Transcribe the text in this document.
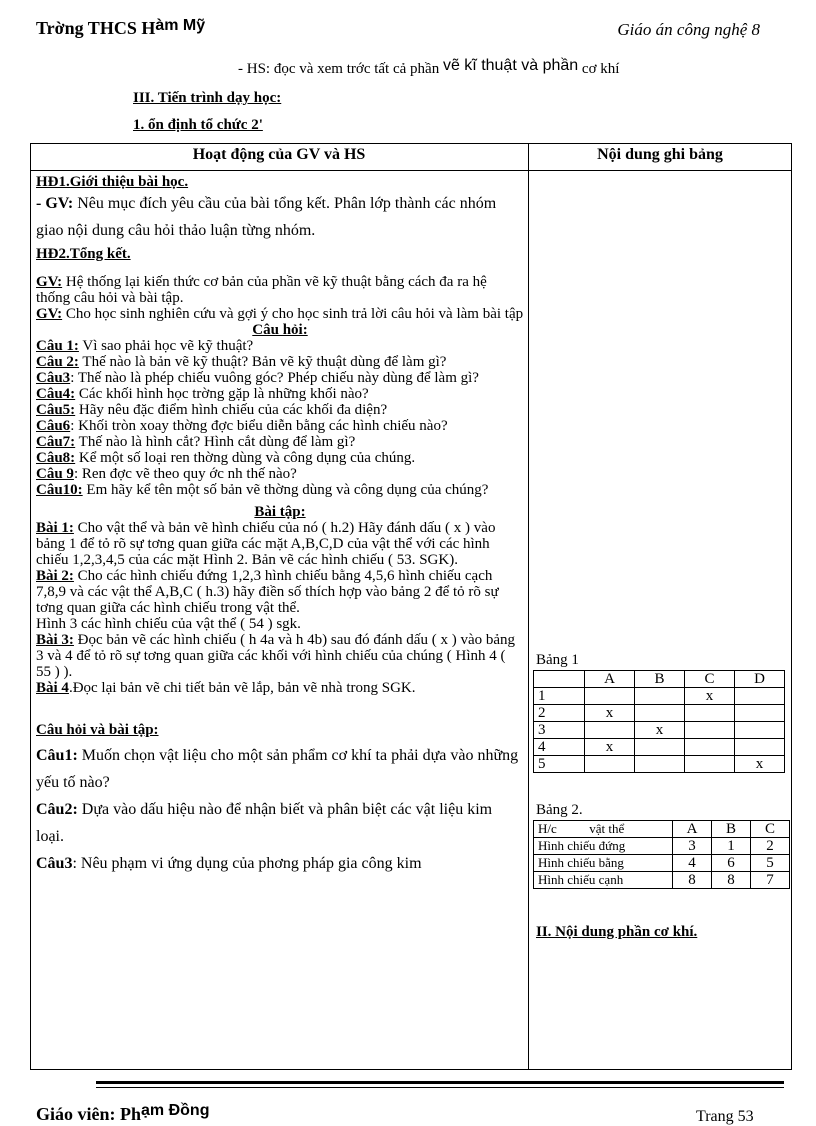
Trờng THCS Hàm Mỹ	Giáo án công nghệ 8
- HS: đọc và xem trớc tất cả phần vẽ kĩ thuật và phần cơ khí
III. Tiến trình dạy học:
1. ổn định tổ chức 2'
Hoạt động của GV và HS	Nội dung ghi bảng

HĐ1.Giới thiệu bài học.

- GV: Nêu mục đích yêu cầu của bài tổng kết. Phân lớp thành các nhóm giao nội dung câu hỏi thảo luận từng nhóm.

HĐ2.Tổng kết.

GV: Hệ thống lại kiến thức cơ bản của phần vẽ kỹ thuật bằng cách đa ra hệ thống câu hỏi và bài tập.

GV: Cho học sinh nghiên cứu và gợi ý cho học sinh trả lời câu hỏi và làm bài tập

Câu hỏi:

Câu 1: Vì sao phải học vẽ kỹ thuật?

Câu 2: Thế nào là bản vẽ kỹ thuật? Bản vẽ kỹ thuật dùng để làm gì?

Câu3: Thế nào là phép chiếu vuông góc? Phép chiếu này dùng để làm gì?

Câu4: Các khối hình học trờng gặp là những khối nào?

Câu5: Hãy nêu đặc điểm hình chiếu của các khối đa diện?

Câu6: Khối tròn xoay thờng đợc biểu diễn bằng các hình chiếu nào?

Câu7: Thế nào là hình cắt? Hình cắt dùng để làm gì?

Câu8: Kể một số loại ren thờng dùng và công dụng của chúng.

Câu 9: Ren đợc vẽ theo quy ớc nh thế nào?

Câu10: Em hãy kể tên một số bản vẽ thờng dùng và công dụng của chúng?

Bài tập:

Bài 1: Cho vật thể và bản vẽ hình chiếu của nó ( h.2) Hãy đánh dấu ( x ) vào bảng 1 để tỏ rõ sự tơng quan giữa các mặt A,B,C,D của vật thể với các hình chiếu 1,2,3,4,5 của các mặt Hình 2. Bản vẽ các hình chiếu ( 53. SGK).

Bài 2: Cho các hình chiếu đứng 1,2,3 hình chiếu bằng 4,5,6 hình chiếu cạch 7,8,9 và các vật thể A,B,C ( h.3) hãy điền số thích hợp vào bảng 2 để tỏ rõ sự tơng quan giữa các hình chiếu trong vật thể.

Hình 3 các hình chiếu của vật thể ( 54 ) sgk.

Bài 3: Đọc bản vẽ các hình chiếu ( h 4a và h 4b) sau đó đánh dấu ( x ) vào bảng 3 và 4 để tỏ rõ sự tơng quan giữa các khối với hình chiếu của chúng ( Hình 4 ( 55 ) ).

Bài 4.Đọc lại bản vẽ chi tiết bản vẽ lắp, bản vẽ nhà trong SGK.

Câu hỏi và bài tập:

Câu1: Muốn chọn vật liệu cho một sản phẩm cơ khí ta phải dựa vào những yếu tố nào?

Câu2: Dựa vào dấu hiệu nào để nhận biết và phân biệt các vật liệu kim loại.

Câu3: Nêu phạm vi ứng dụng của phơng pháp gia công kim

Bảng 1
	A	B	C	D
1			x	
2	x			
3		x		
4	x			
5				x
Bảng 2.
H/c          vật thể	A	B	C
Hình chiếu đứng	3	1	2
Hình chiếu bằng	4	6	5
Hình chiếu cạnh	8	8	7
II. Nội dung phần cơ khí.
Giáo viên: Phạm Đồng	Trang 53
